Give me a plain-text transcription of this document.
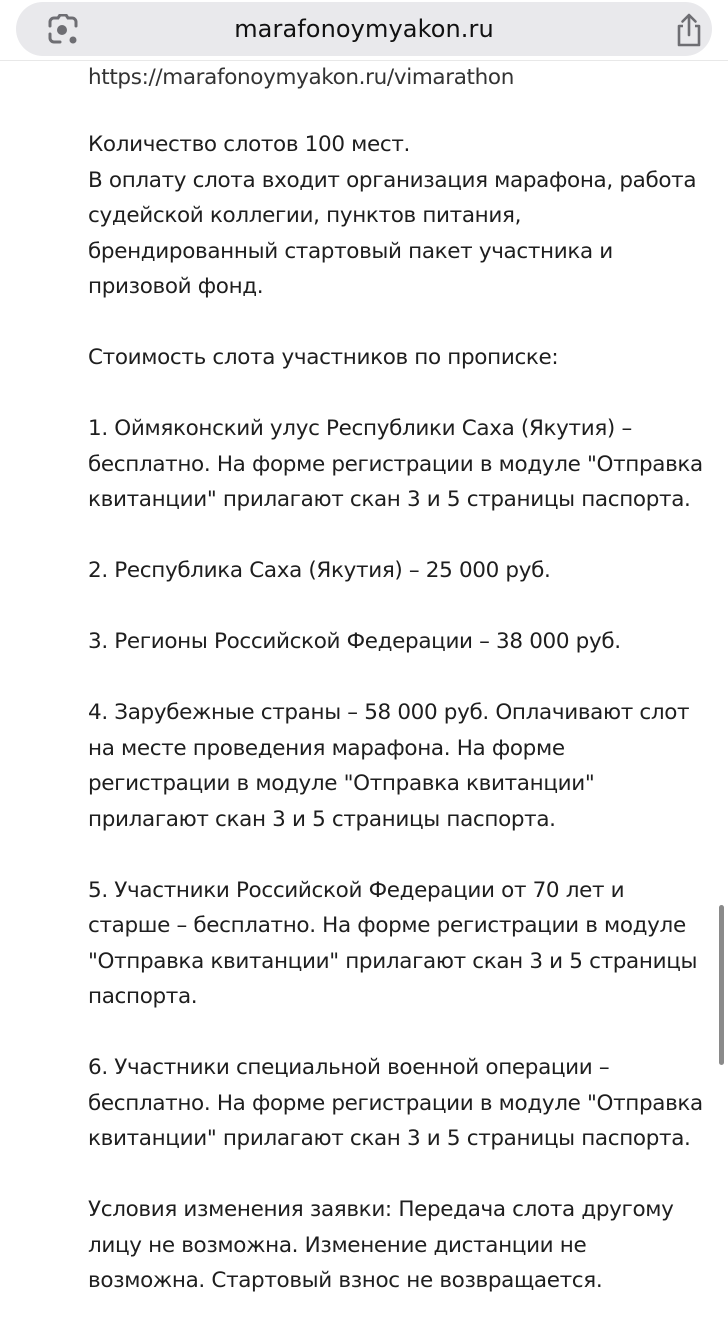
marafonoymyakon.ru
https://marafonoymyakon.ru/vimarathon

Количество слотов 100 мест.
В оплату слота входит организация марафона, работа судейской коллегии, пунктов питания, брендированный стартовый пакет участника и призовой фонд.

Стоимость слота участников по прописке:

1. Оймяконский улус Республики Саха (Якутия) – бесплатно. На форме регистрации в модуле "Отправка квитанции" прилагают скан 3 и 5 страницы паспорта.

2. Республика Саха (Якутия) – 25 000 руб.

3. Регионы Российской Федерации – 38 000 руб.

4. Зарубежные страны – 58 000 руб. Оплачивают слот на месте проведения марафона. На форме регистрации в модуле "Отправка квитанции" прилагают скан 3 и 5 страницы паспорта.

5. Участники Российской Федерации от 70 лет и старше – бесплатно. На форме регистрации в модуле "Отправка квитанции" прилагают скан 3 и 5 страницы паспорта.

6. Участники специальной военной операции – бесплатно. На форме регистрации в модуле "Отправка квитанции" прилагают скан 3 и 5 страницы паспорта.

Условия изменения заявки: Передача слота другому лицу не возможна. Изменение дистанции не возможна. Стартовый взнос не возвращается.
